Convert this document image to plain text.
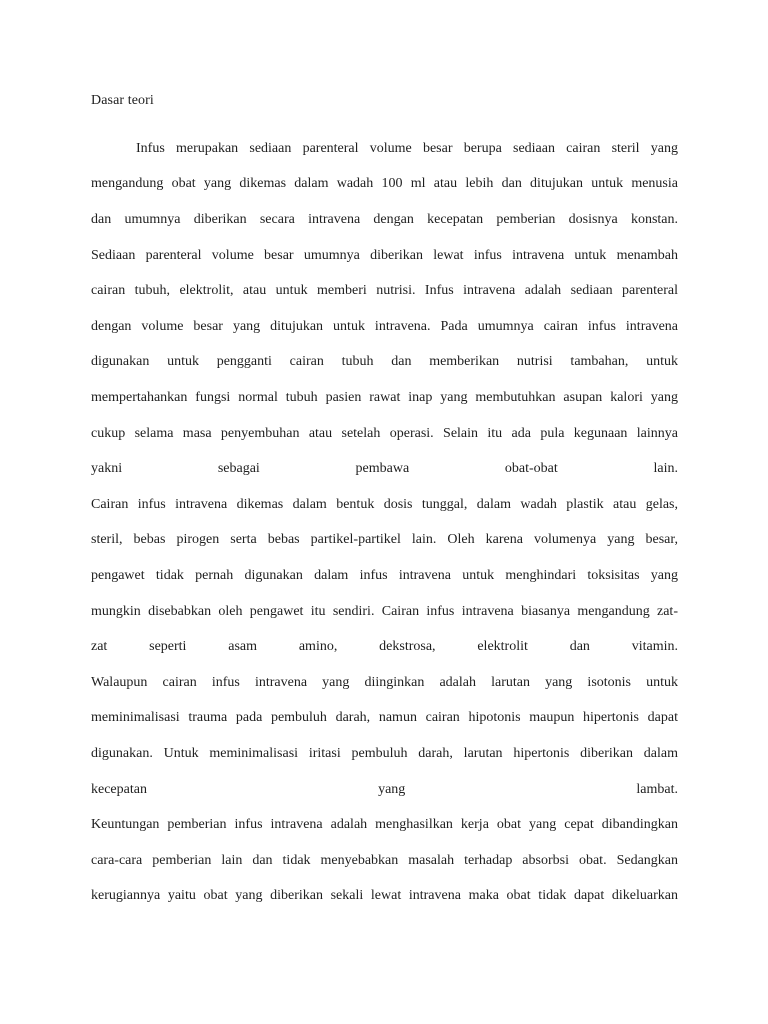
Dasar teori
Infus merupakan sediaan parenteral volume besar berupa sediaan cairan steril yang
mengandung obat yang dikemas dalam wadah 100 ml atau lebih dan ditujukan untuk menusia
dan umumnya diberikan secara intravena dengan kecepatan pemberian dosisnya konstan.
Sediaan parenteral volume besar umumnya diberikan lewat infus intravena untuk menambah
cairan tubuh, elektrolit, atau untuk memberi nutrisi. Infus intravena adalah sediaan parenteral
dengan volume besar yang ditujukan untuk intravena. Pada umumnya cairan infus intravena
digunakan untuk pengganti cairan tubuh dan memberikan nutrisi tambahan, untuk
mempertahankan fungsi normal tubuh pasien rawat inap yang membutuhkan asupan kalori yang
cukup selama masa penyembuhan atau setelah operasi. Selain itu ada pula kegunaan lainnya
yakni sebagai pembawa obat-obat lain.
Cairan infus intravena dikemas dalam bentuk dosis tunggal, dalam wadah plastik atau gelas,
steril, bebas pirogen serta bebas partikel-partikel lain. Oleh karena volumenya yang besar,
pengawet tidak pernah digunakan dalam infus intravena untuk menghindari toksisitas yang
mungkin disebabkan oleh pengawet itu sendiri. Cairan infus intravena biasanya mengandung zat-
zat seperti asam amino, dekstrosa, elektrolit dan vitamin.
Walaupun cairan infus intravena yang diinginkan adalah larutan yang isotonis untuk
meminimalisasi trauma pada pembuluh darah, namun cairan hipotonis maupun hipertonis dapat
digunakan. Untuk meminimalisasi iritasi pembuluh darah, larutan hipertonis diberikan dalam
kecepatan yang lambat.
Keuntungan pemberian infus intravena adalah menghasilkan kerja obat yang cepat dibandingkan
cara-cara pemberian lain dan tidak menyebabkan masalah terhadap absorbsi obat. Sedangkan
kerugiannya yaitu obat yang diberikan sekali lewat intravena maka obat tidak dapat dikeluarkan
